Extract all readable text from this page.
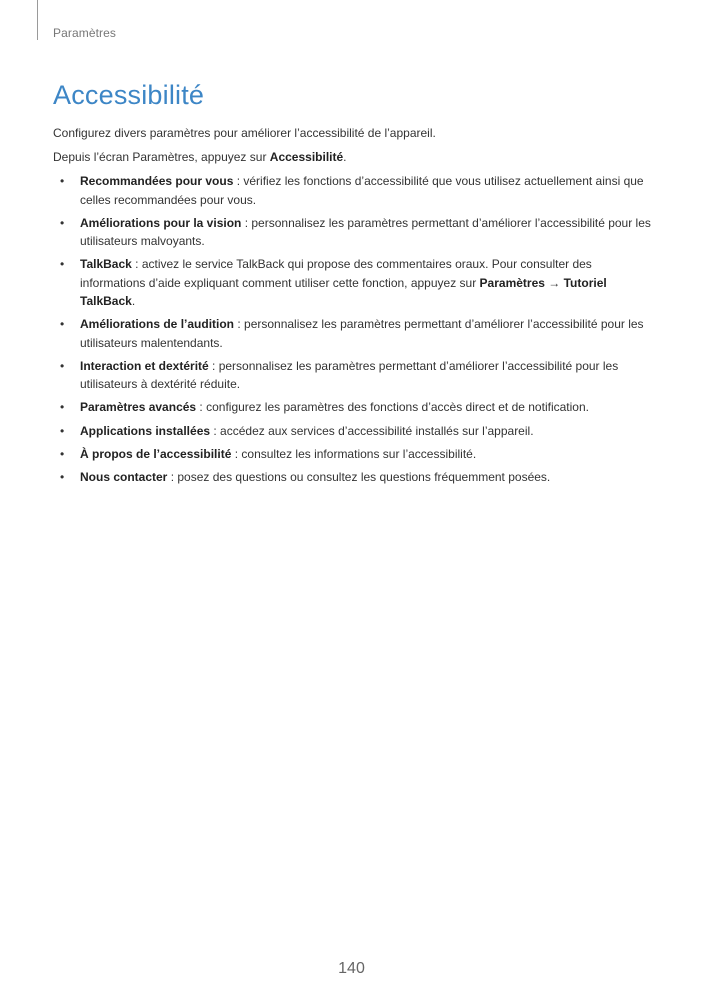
Paramètres
Accessibilité

Configurez divers paramètres pour améliorer l’accessibilité de l’appareil.

Depuis l’écran Paramètres, appuyez sur Accessibilité.

• Recommandées pour vous : vérifiez les fonctions d’accessibilité que vous utilisez actuellement ainsi que celles recommandées pour vous.
• Améliorations pour la vision : personnalisez les paramètres permettant d’améliorer l’accessibilité pour les utilisateurs malvoyants.
• TalkBack : activez le service TalkBack qui propose des commentaires oraux. Pour consulter des informations d’aide expliquant comment utiliser cette fonction, appuyez sur Paramètres → Tutoriel TalkBack.
• Améliorations de l’audition : personnalisez les paramètres permettant d’améliorer l’accessibilité pour les utilisateurs malentendants.
• Interaction et dextérité : personnalisez les paramètres permettant d’améliorer l’accessibilité pour les utilisateurs à dextérité réduite.
• Paramètres avancés : configurez les paramètres des fonctions d’accès direct et de notification.
• Applications installées : accédez aux services d’accessibilité installés sur l’appareil.
• À propos de l’accessibilité : consultez les informations sur l’accessibilité.
• Nous contacter : posez des questions ou consultez les questions fréquemment posées.
140
